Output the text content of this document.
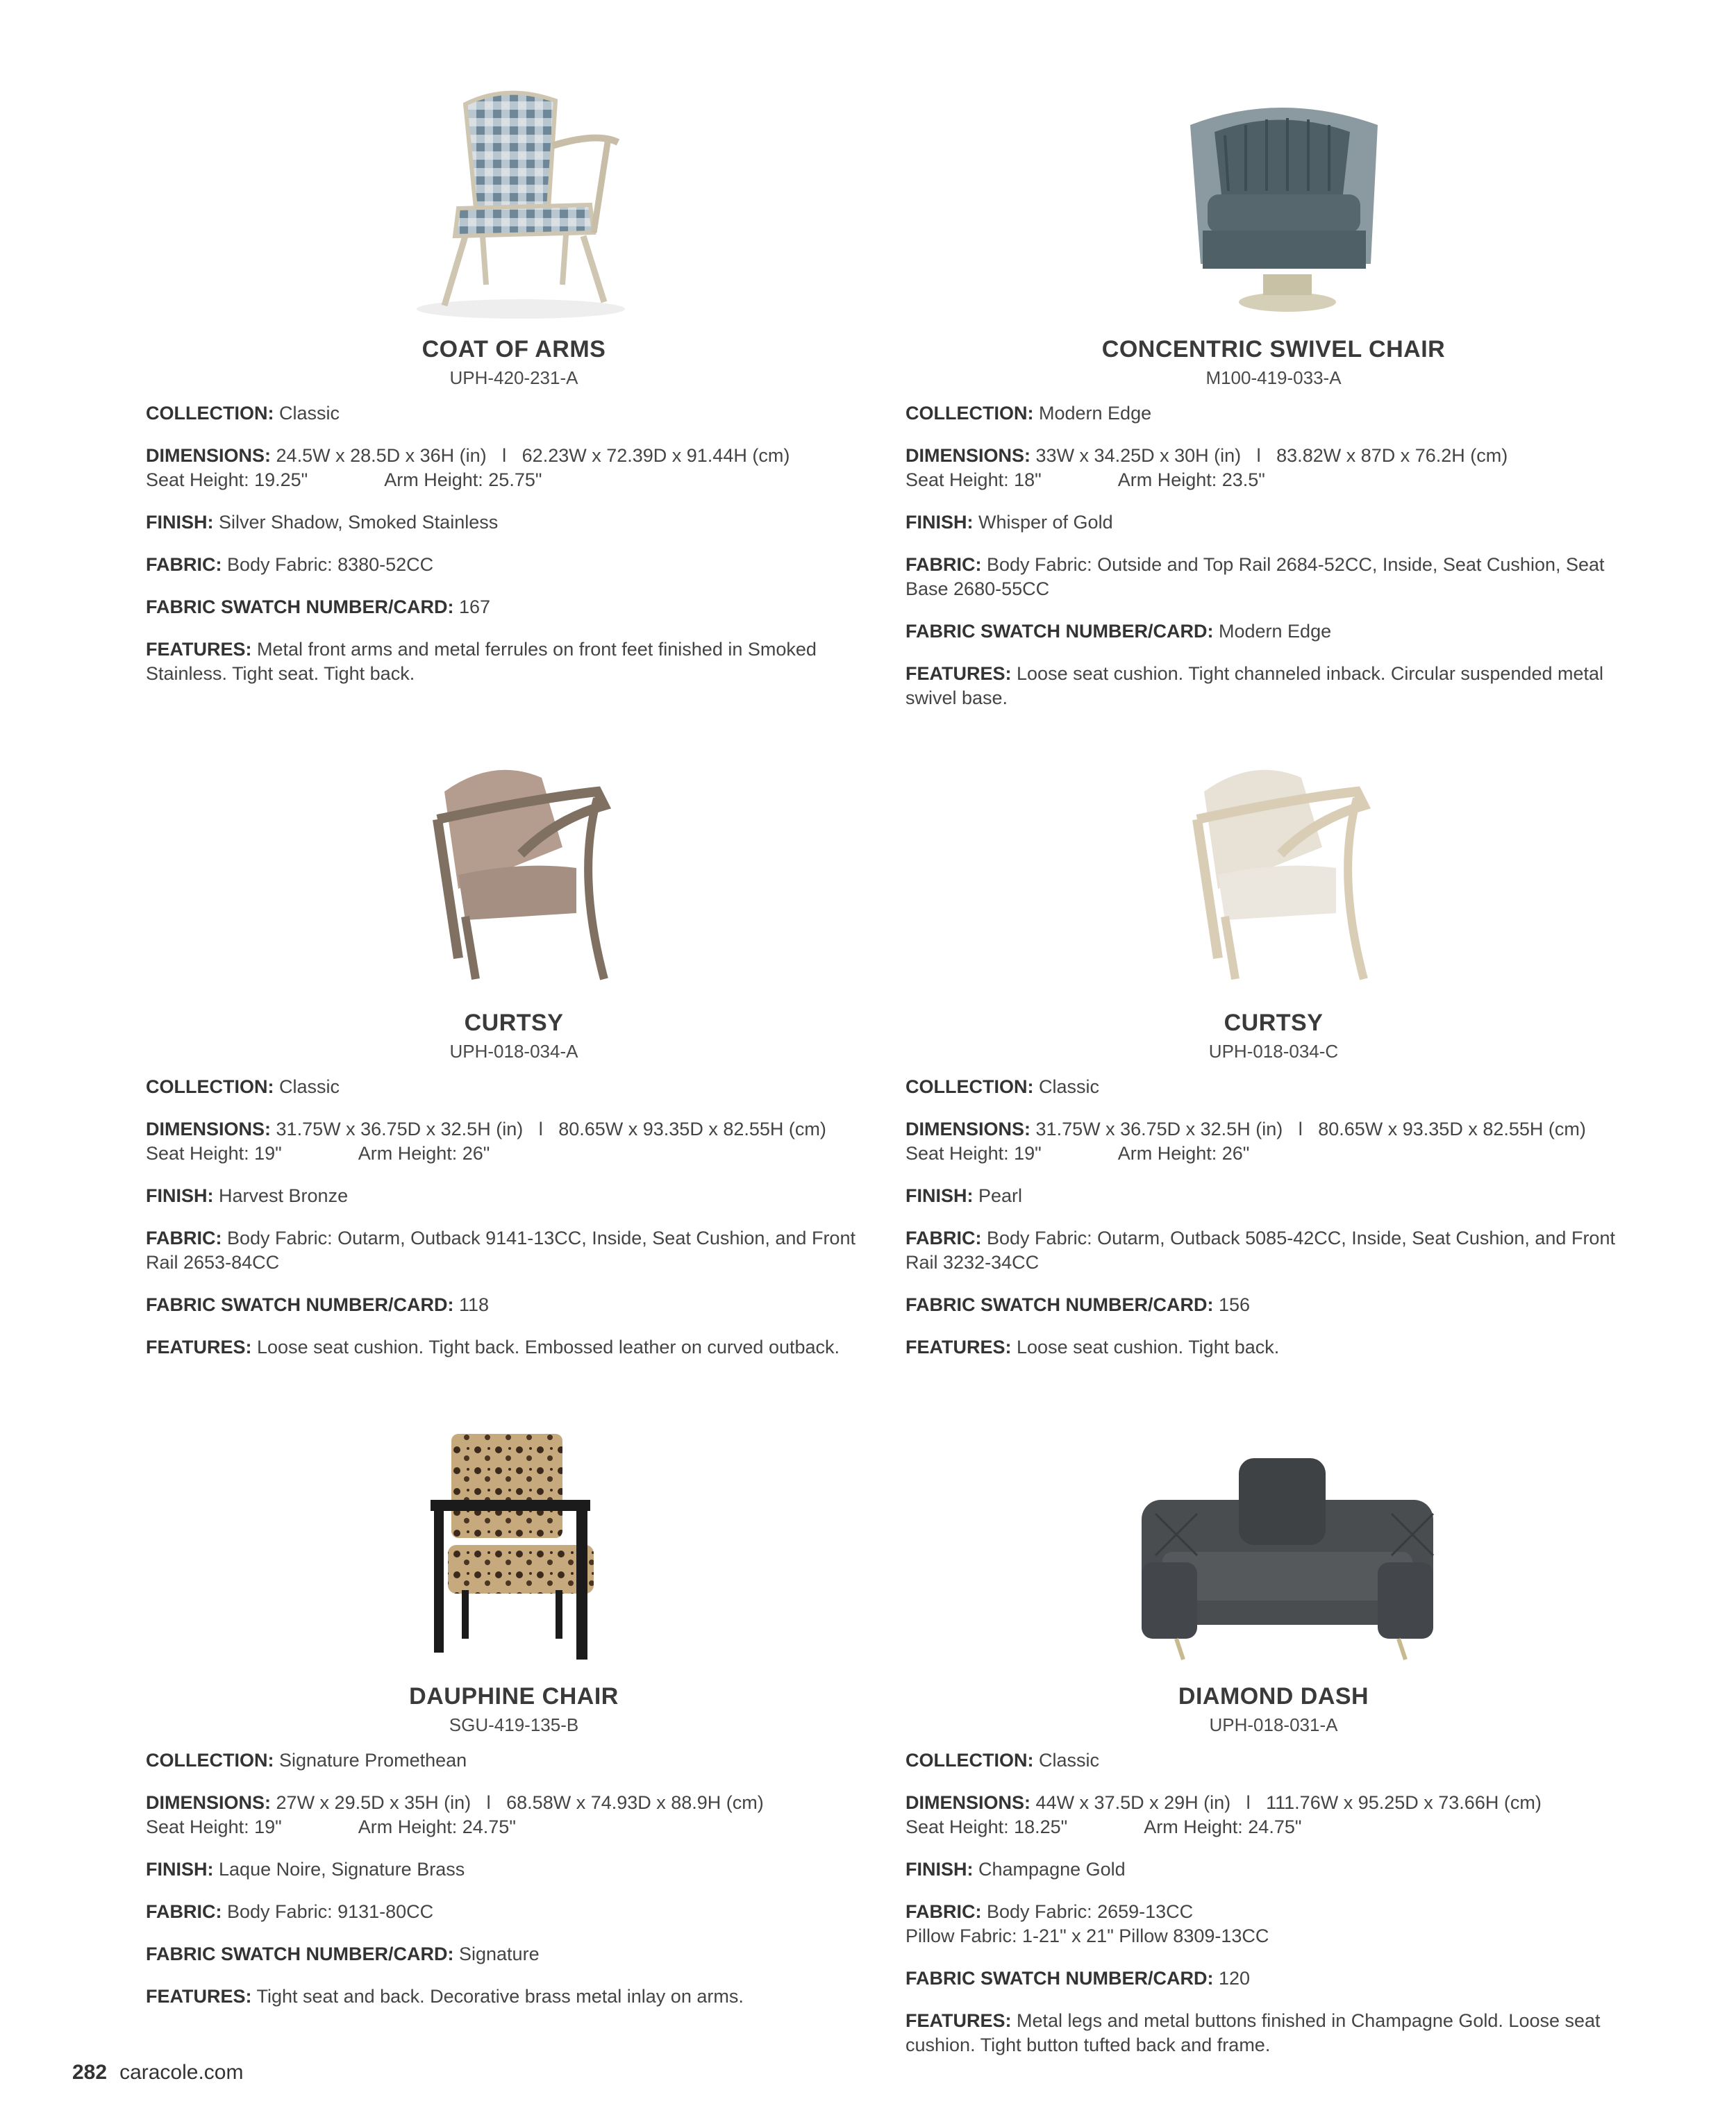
COAT OF ARMS
UPH-420-231-A
COLLECTION: Classic
DIMENSIONS: 24.5W x 28.5D x 36H (in)   l   62.23W x 72.39D x 91.44H (cm)
Seat Height: 19.25"	Arm Height: 25.75"
FINISH: Silver Shadow, Smoked Stainless
FABRIC: Body Fabric: 8380-52CC
FABRIC SWATCH NUMBER/CARD: 167
FEATURES: Metal front arms and metal ferrules on front feet finished in Smoked Stainless. Tight seat. Tight back.
CONCENTRIC SWIVEL CHAIR
M100-419-033-A
COLLECTION: Modern Edge
DIMENSIONS: 33W x 34.25D x 30H (in)   l   83.82W x 87D x 76.2H (cm)
Seat Height: 18"	Arm Height: 23.5"
FINISH: Whisper of Gold
FABRIC: Body Fabric: Outside and Top Rail 2684-52CC, Inside, Seat Cushion, Seat Base 2680-55CC
FABRIC SWATCH NUMBER/CARD: Modern Edge
FEATURES: Loose seat cushion. Tight channeled inback. Circular suspended metal swivel base.
CURTSY
UPH-018-034-A
COLLECTION: Classic
DIMENSIONS: 31.75W x 36.75D x 32.5H (in)   l   80.65W x 93.35D x 82.55H (cm)
Seat Height: 19"	Arm Height: 26"
FINISH: Harvest Bronze
FABRIC: Body Fabric: Outarm, Outback 9141-13CC, Inside, Seat Cushion, and Front Rail 2653-84CC
FABRIC SWATCH NUMBER/CARD: 118
FEATURES: Loose seat cushion. Tight back. Embossed leather on curved outback.
CURTSY
UPH-018-034-C
COLLECTION: Classic
DIMENSIONS: 31.75W x 36.75D x 32.5H (in)   l   80.65W x 93.35D x 82.55H (cm)
Seat Height: 19"	Arm Height: 26"
FINISH: Pearl
FABRIC: Body Fabric: Outarm, Outback 5085-42CC, Inside, Seat Cushion, and Front Rail 3232-34CC
FABRIC SWATCH NUMBER/CARD: 156
FEATURES: Loose seat cushion. Tight back.
DAUPHINE CHAIR
SGU-419-135-B
COLLECTION: Signature Promethean
DIMENSIONS: 27W x 29.5D x 35H (in)   l   68.58W x 74.93D x 88.9H (cm)
Seat Height: 19"	Arm Height: 24.75"
FINISH: Laque Noire, Signature Brass
FABRIC: Body Fabric: 9131-80CC
FABRIC SWATCH NUMBER/CARD: Signature
FEATURES: Tight seat and back. Decorative brass metal inlay on arms.
DIAMOND DASH
UPH-018-031-A
COLLECTION: Classic
DIMENSIONS: 44W x 37.5D x 29H (in)   l   111.76W x 95.25D x 73.66H (cm)
Seat Height: 18.25"	Arm Height: 24.75"
FINISH: Champagne Gold
FABRIC: Body Fabric: 2659-13CC
Pillow Fabric: 1-21" x 21" Pillow 8309-13CC
FABRIC SWATCH NUMBER/CARD: 120
FEATURES: Metal legs and metal buttons finished in Champagne Gold. Loose seat cushion. Tight button tufted back and frame.
282 caracole.com
